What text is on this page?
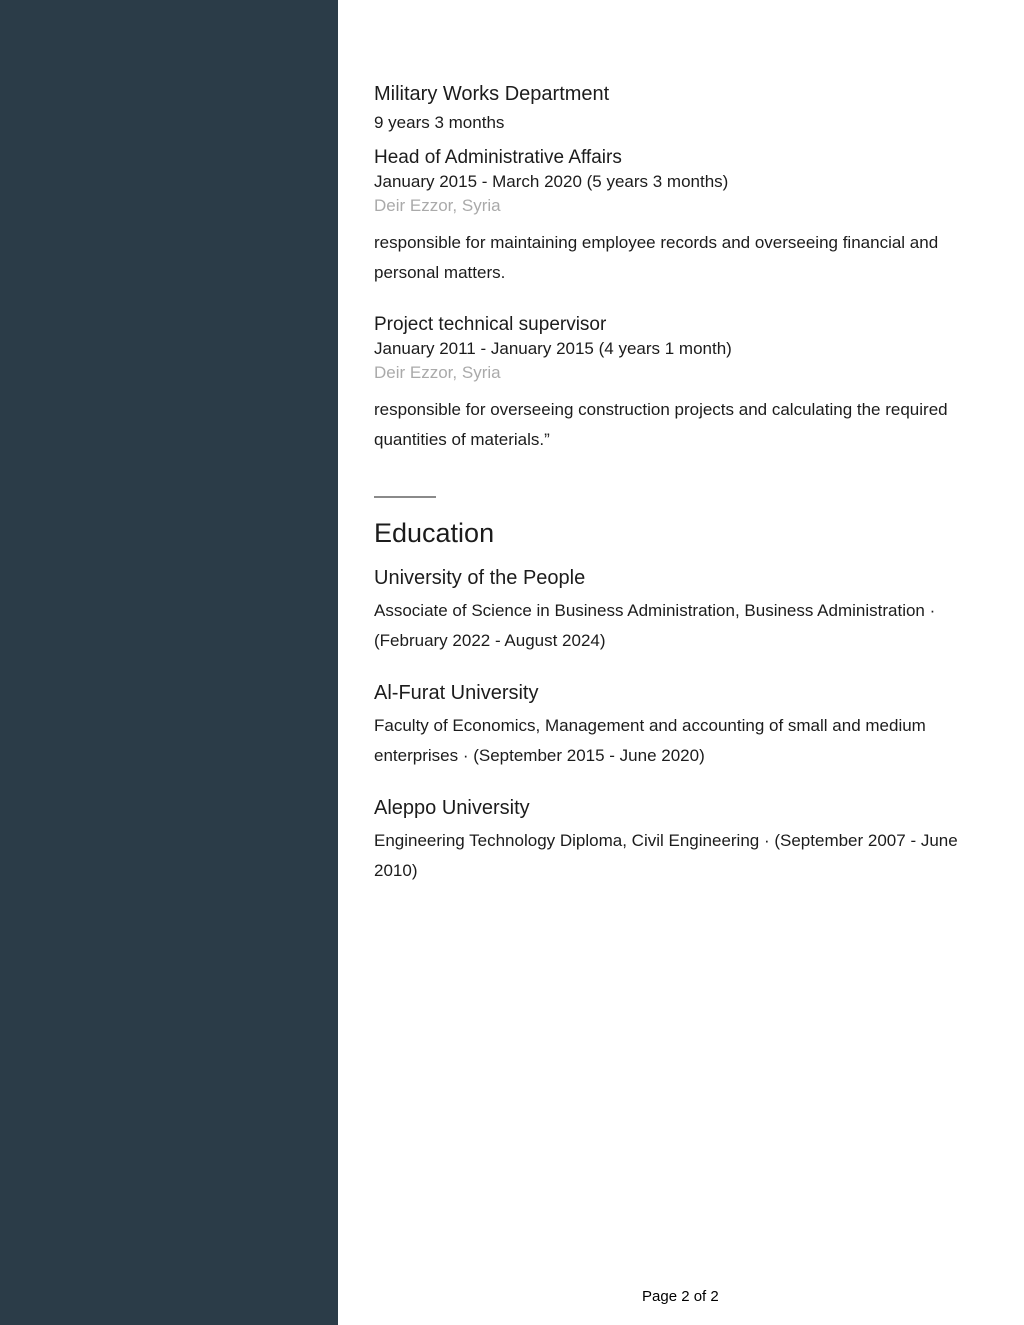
Military Works Department
9 years 3 months
Head of Administrative Affairs
January 2015 - March 2020 (5 years 3 months)
Deir Ezzor, Syria
responsible for maintaining employee records and overseeing financial and personal matters.
Project technical supervisor
January 2011 - January 2015 (4 years 1 month)
Deir Ezzor, Syria
responsible for overseeing construction projects and calculating the required quantities of materials.”
Education
University of the People
Associate of Science in Business Administration, Business Administration · (February 2022 - August 2024)
Al-Furat University
Faculty of Economics, Management and accounting of small and medium enterprises · (September 2015 - June 2020)
Aleppo University
Engineering Technology Diploma, Civil Engineering · (September 2007 - June 2010)
Page 2 of 2
